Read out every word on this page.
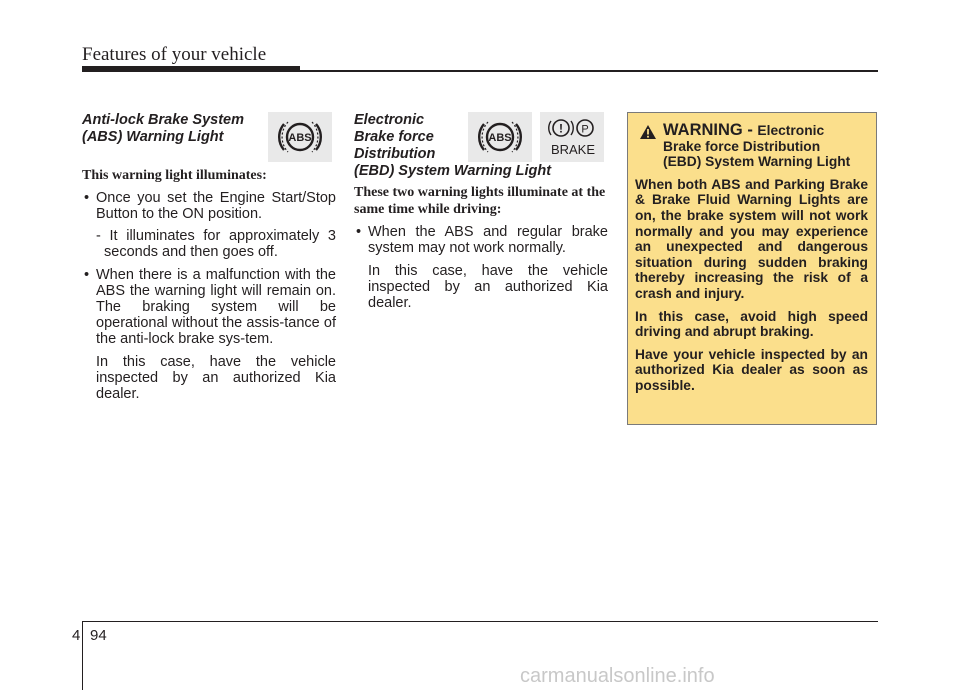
Features of your vehicle

Anti-lock Brake System
(ABS) Warning Light

This warning light illuminates:

• Once you set the Engine Start/Stop Button to the ON position.
- It illuminates for approximately 3 seconds and then goes off.
• When there is a malfunction with the ABS the warning light will remain on. The braking system will be operational without the assis-tance of the anti-lock brake sys-tem.
In this case, have the vehicle inspected by an authorized Kia dealer.
ABS

Electronic
Brake force
Distribution
(EBD) System Warning Light

These two warning lights illuminate at the same time while driving:

• When the ABS and regular brake system may not work normally.
In this case, have the vehicle inspected by an authorized Kia dealer.
ABS
! P
BRAKE
WARNING - Electronic
Brake force Distribution
(EBD) System Warning Light

When both ABS and Parking Brake & Brake Fluid Warning Lights are on, the brake system will not work normally and you may experience an unexpected and dangerous situation during sudden braking thereby increasing the risk of a crash and injury.

In this case, avoid high speed driving and abrupt braking.

Have your vehicle inspected by an authorized Kia dealer as soon as possible.

4 94
carmanualsonline.info
